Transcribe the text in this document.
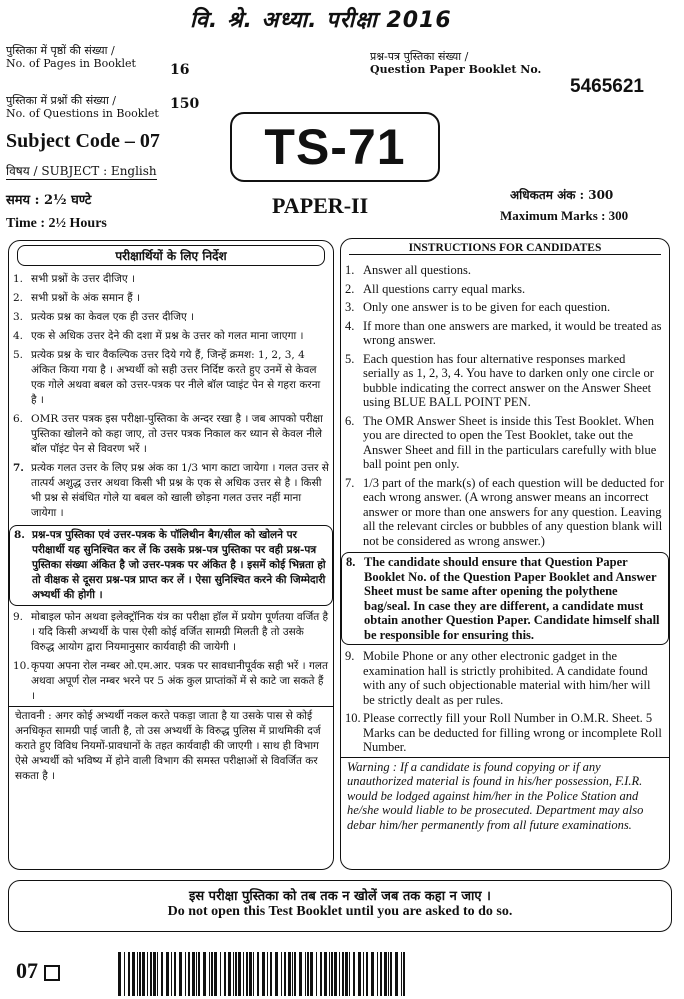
वि. श्रे. अध्या. परीक्षा 2016
पुस्तिका में पृष्ठों की संख्या /
No. of Pages in Booklet 16
पुस्तिका में प्रश्नों की संख्या /
No. of Questions in Booklet
150
प्रश्न-पत्र पुस्तिका संख्या /
Question Paper Booklet No.
5465621
Subject Code – 07
विषय / SUBJECT : English
समय : 2½ घण्टे
Time : 2½ Hours
TS-71
PAPER-II	अधिकतम अंक : 300
Maximum Marks : 300
परीक्षार्थियों के लिए निर्देश
1. सभी प्रश्नों के उत्तर दीजिए ।
2. सभी प्रश्नों के अंक समान हैं ।
3. प्रत्येक प्रश्न का केवल एक ही उत्तर दीजिए ।
4. एक से अधिक उत्तर देने की दशा में प्रश्न के उत्तर को गलत माना जाएगा ।
5. प्रत्येक प्रश्न के चार वैकल्पिक उत्तर दिये गये हैं, जिन्हें क्रमश: 1, 2, 3, 4 अंकित किया गया है । अभ्यर्थी को सही उत्तर निर्दिष्ट करते हुए उनमें से केवल एक गोले अथवा बबल को उत्तर-पत्रक पर नीले बॉल प्वाइंट पेन से गहरा करना है ।
6. OMR उत्तर पत्रक इस परीक्षा-पुस्तिका के अन्दर रखा है । जब आपको परीक्षा पुस्तिका खोलने को कहा जाए, तो उत्तर पत्रक निकाल कर ध्यान से केवल नीले बॉल पॉइंट पेन से विवरण भरें ।
7. प्रत्येक गलत उत्तर के लिए प्रश्न अंक का 1/3 भाग काटा जायेगा । गलत उत्तर से तात्पर्य अशुद्ध उत्तर अथवा किसी भी प्रश्न के एक से अधिक उत्तर से है । किसी भी प्रश्न से संबंधित गोले या बबल को खाली छोड़ना गलत उत्तर नहीं माना जायेगा ।
8. प्रश्न-पत्र पुस्तिका एवं उत्तर-पत्रक के पॉलिथीन बैग/सील को खोलने पर परीक्षार्थी यह सुनिश्चित कर लें कि उसके प्रश्न-पत्र पुस्तिका पर वही प्रश्न-पत्र पुस्तिका संख्या अंकित है जो उत्तर-पत्रक पर अंकित है । इसमें कोई भिन्नता हो तो वीक्षक से दूसरा प्रश्न-पत्र प्राप्त कर लें । ऐसा सुनिश्चित करने की जिम्मेदारी अभ्यर्थी की होगी ।
9. मोबाइल फोन अथवा इलेक्ट्रॉनिक यंत्र का परीक्षा हॉल में प्रयोग पूर्णतया वर्जित है । यदि किसी अभ्यर्थी के पास ऐसी कोई वर्जित सामग्री मिलती है तो उसके विरुद्ध आयोग द्वारा नियमानुसार कार्यवाही की जायेगी ।
10. कृपया अपना रोल नम्बर ओ.एम.आर. पत्रक पर सावधानीपूर्वक सही भरें । गलत अथवा अपूर्ण रोल नम्बर भरने पर 5 अंक कुल प्राप्तांकों में से काटे जा सकते हैं ।
चेतावनी : अगर कोई अभ्यर्थी नकल करते पकड़ा जाता है या उसके पास से कोई अनधिकृत सामग्री पाई जाती है, तो उस अभ्यर्थी के विरुद्ध पुलिस में प्राथमिकी दर्ज कराते हुए विविध नियमों-प्रावधानों के तहत कार्यवाही की जाएगी । साथ ही विभाग ऐसे अभ्यर्थी को भविष्य में होने वाली विभाग की समस्त परीक्षाओं से विवर्जित कर सकता है ।
INSTRUCTIONS FOR CANDIDATES
1. Answer all questions.
2. All questions carry equal marks.
3. Only one answer is to be given for each question.
4. If more than one answers are marked, it would be treated as wrong answer.
5. Each question has four alternative responses marked serially as 1, 2, 3, 4. You have to darken only one circle or bubble indicating the correct answer on the Answer Sheet using BLUE BALL POINT PEN.
6. The OMR Answer Sheet is inside this Test Booklet. When you are directed to open the Test Booklet, take out the Answer Sheet and fill in the particulars carefully with blue ball point pen only.
7. 1/3 part of the mark(s) of each question will be deducted for each wrong answer. (A wrong answer means an incorrect answer or more than one answers for any question. Leaving all the relevant circles or bubbles of any question blank will not be considered as wrong answer.)
8. The candidate should ensure that Question Paper Booklet No. of the Question Paper Booklet and Answer Sheet must be same after opening the polythene bag/seal. In case they are different, a candidate must obtain another Question Paper. Candidate himself shall be responsible for ensuring this.
9. Mobile Phone or any other electronic gadget in the examination hall is strictly prohibited. A candidate found with any of such objectionable material with him/her will be strictly dealt as per rules.
10. Please correctly fill your Roll Number in O.M.R. Sheet. 5 Marks can be deducted for filling wrong or incomplete Roll Number.
Warning : If a candidate is found copying or if any unauthorized material is found in his/her possession, F.I.R. would be lodged against him/her in the Police Station and he/she would liable to be prosecuted. Department may also debar him/her permanently from all future examinations.
इस परीक्षा पुस्तिका को तब तक न खोलें जब तक कहा न जाए ।
Do not open this Test Booklet until you are asked to do so.
07
